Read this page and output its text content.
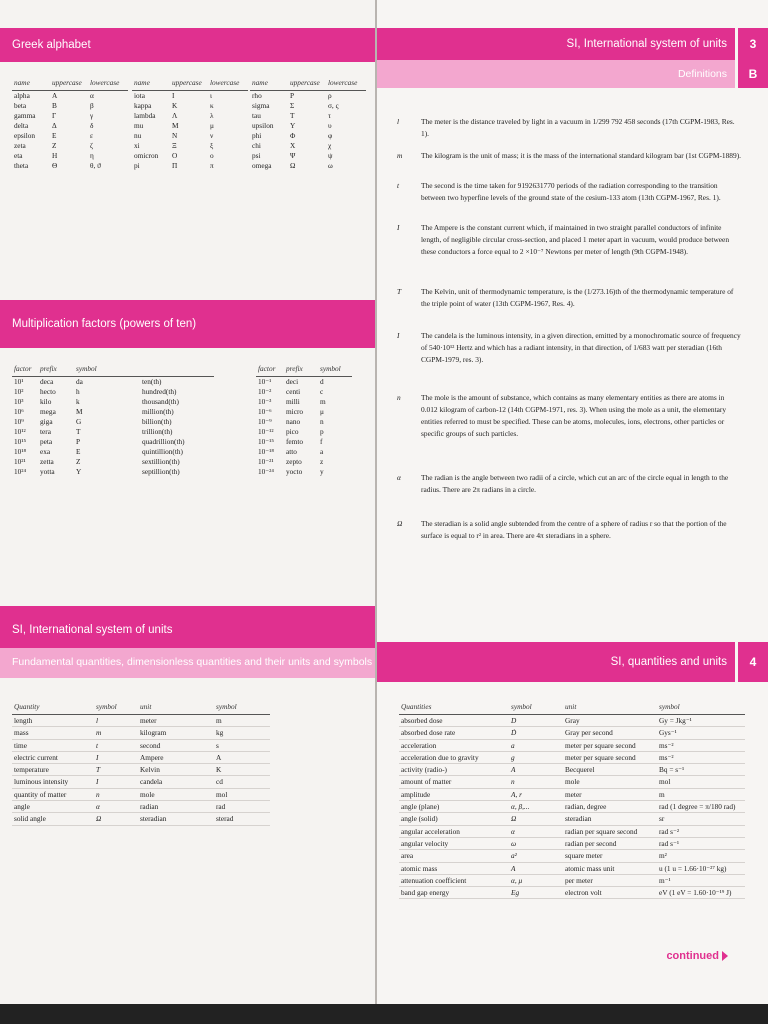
Greek alphabet
name	uppercase	lowercase
alpha	Α	α
beta	Β	β
gamma	Γ	γ
delta	Δ	δ
epsilon	Ε	ε
zeta	Ζ	ζ
eta	Η	η
theta	Θ	θ, ϑ
name	uppercase	lowercase
iota	Ι	ι
kappa	Κ	κ
lambda	Λ	λ
mu	Μ	μ
nu	Ν	ν
xi	Ξ	ξ
omicron	Ο	ο
pi	Π	π
name	uppercase	lowercase
rho	Ρ	ρ
sigma	Σ	σ, ς
tau	Τ	τ
upsilon	Υ	υ
phi	Φ	φ
chi	Χ	χ
psi	Ψ	ψ
omega	Ω	ω
Multiplication factors (powers of ten)
factor	prefix	symbol	
10¹	deca	da	ten(th)
10²	hecto	h	hundred(th)
10³	kilo	k	thousand(th)
10⁶	mega	M	million(th)
10⁹	giga	G	billion(th)
10¹²	tera	T	trillion(th)
10¹⁵	peta	P	quadrillion(th)
10¹⁸	exa	E	quintillion(th)
10²¹	zetta	Z	sextillion(th)
10²⁴	yotta	Y	septillion(th)
factor	prefix	symbol
10⁻¹	deci	d
10⁻²	centi	c
10⁻³	milli	m
10⁻⁶	micro	μ
10⁻⁹	nano	n
10⁻¹²	pico	p
10⁻¹⁵	femto	f
10⁻¹⁸	atto	a
10⁻²¹	zepto	z
10⁻²⁴	yocto	y
SI, International system of units
Fundamental quantities, dimensionless quantities and their units and symbols
Quantity	symbol	unit	symbol
length	l	meter	m
mass	m	kilogram	kg
time	t	second	s
electric current	I	Ampere	A
temperature	T	Kelvin	K
luminous intensity	I	candela	cd
quantity of matter	n	mole	mol
angle	α	radian	rad
solid angle	Ω	steradian	sterad
SI, International system of units	3
Definitions	B
l	The meter is the distance traveled by light in a vacuum in 1/299 792 458 seconds (17th CGPM-1983, Res. 1).
m	The kilogram is the unit of mass; it is the mass of the international standard kilogram bar (1st CGPM-1889).
t	The second is the time taken for 9192631770 periods of the radiation corresponding to the transition between two hyperfine levels of the ground state of the cesium-133 atom (13th CGPM-1967, Res. 1).
I	The Ampere is the constant current which, if maintained in two straight parallel conductors of infinite length, of negligible circular cross-section, and placed 1 meter apart in vacuum, would produce between these conductors a force equal to 2 ×10⁻⁷ Newtons per meter of length (9th CGPM-1948).
T	The Kelvin, unit of thermodynamic temperature, is the (1/273.16)th of the thermodynamic temperature of the triple point of water (13th CGPM-1967, Res. 4).
I	The candela is the luminous intensity, in a given direction, emitted by a monochromatic source of frequency of 540·10¹² Hertz and which has a radiant intensity, in that direction, of 1/683 watt per steradian (16th CGPM-1979, res. 3).
n	The mole is the amount of substance, which contains as many elementary entities as there are atoms in 0.012 kilogram of carbon-12 (14th CGPM-1971, res. 3). When using the mole as a unit, the elementary entities referred to must be specified. These can be atoms, molecules, ions, electrons, other particles or specific groups of such particles.
α	The radian is the angle between two radii of a circle, which cut an arc of the circle equal in length to the radius. There are 2π radians in a circle.
Ω	The steradian is a solid angle subtended from the centre of a sphere of radius r so that the portion of the surface is equal to r² in area. There are 4π steradians in a sphere.
SI, quantities and units	4
Quantities	symbol	unit	symbol
absorbed dose	D	Gray	Gy = Jkg⁻¹
absorbed dose rate	Ḋ	Gray per second	Gys⁻¹
acceleration	a	meter per square second	ms⁻²
acceleration due to gravity	g	meter per square second	ms⁻²
activity (radio-)	A	Becquerel	Bq = s⁻¹
amount of matter	n	mole	mol
amplitude	A, r	meter	m
angle (plane)	α, β,...	radian, degree	rad (1 degree = π/180 rad)
angle (solid)	Ω	steradian	sr
angular acceleration	α	radian per square second	rad s⁻²
angular velocity	ω	radian per second	rad s⁻¹
area	a²	square meter	m²
atomic mass	A	atomic mass unit	u (1 u = 1.66·10⁻²⁷ kg)
attenuation coefficient	α, μ	per meter	m⁻¹
band gap energy	Eg	electron volt	eV (1 eV = 1.60·10⁻¹⁹ J)
continued
